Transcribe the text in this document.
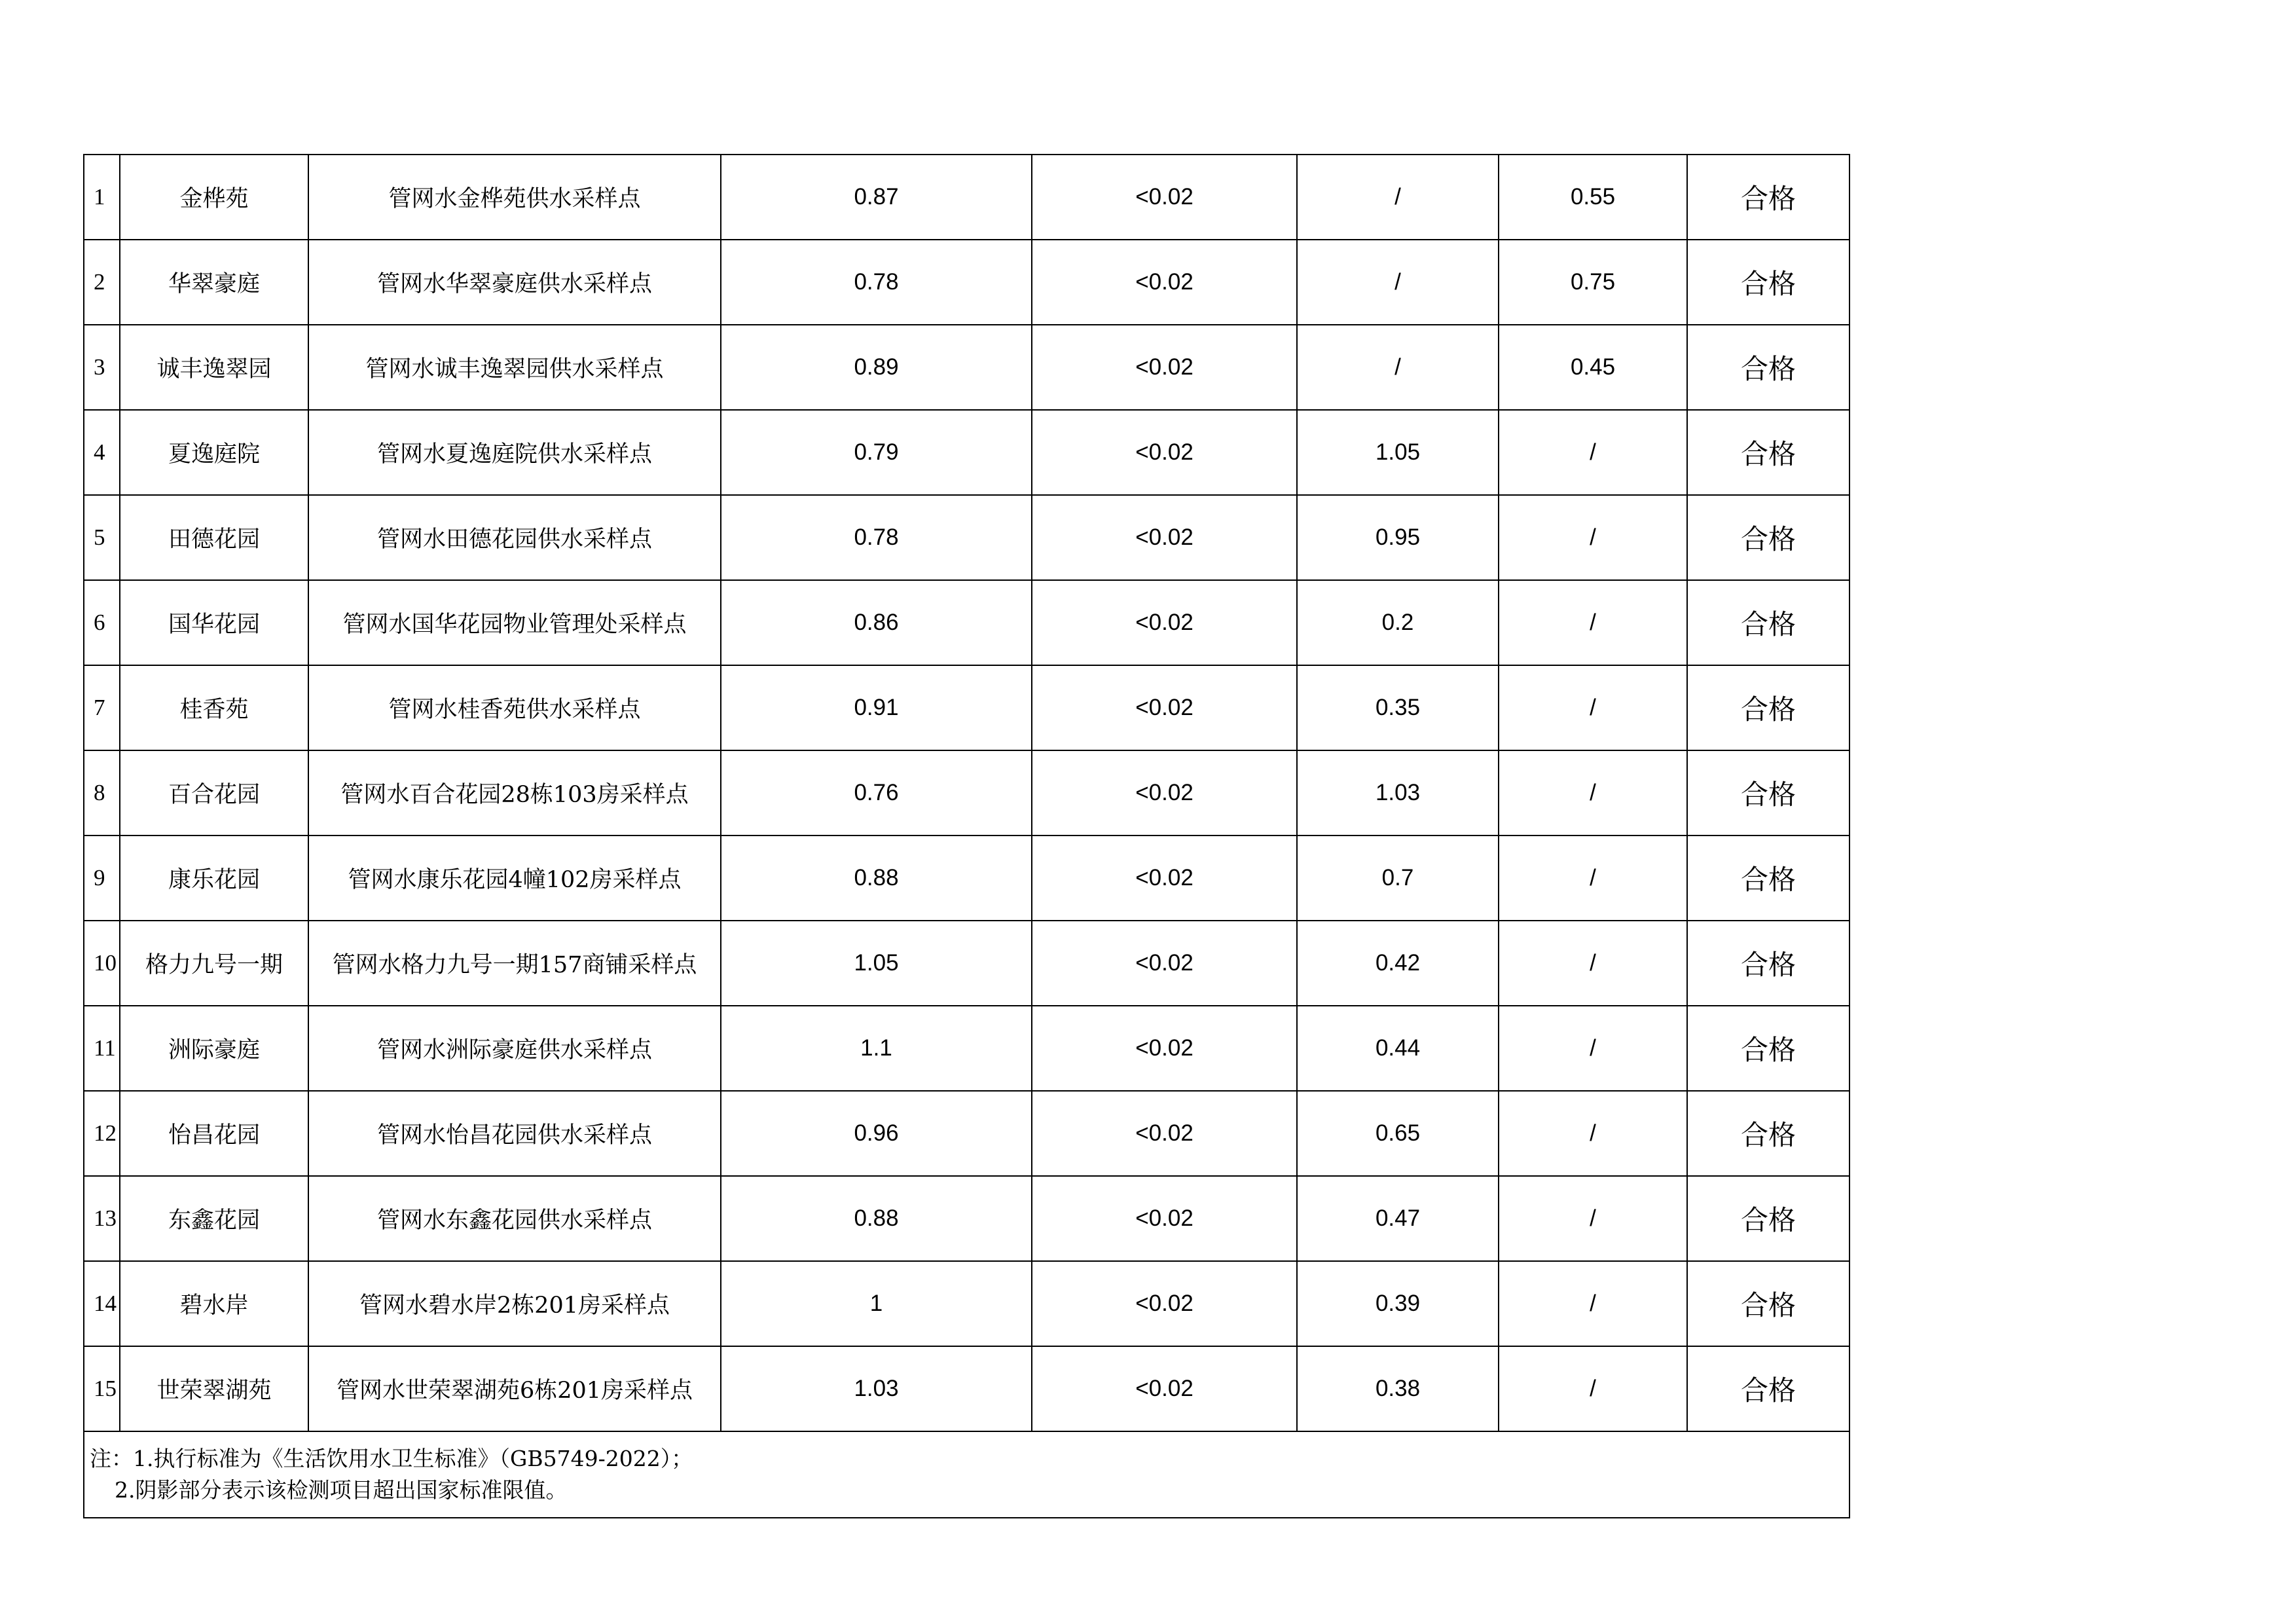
1	金桦苑	管网水金桦苑供水采样点	0.87	<0.02	/	0.55	合格
2	华翠豪庭	管网水华翠豪庭供水采样点	0.78	<0.02	/	0.75	合格
3	诚丰逸翠园	管网水诚丰逸翠园供水采样点	0.89	<0.02	/	0.45	合格
4	夏逸庭院	管网水夏逸庭院供水采样点	0.79	<0.02	1.05	/	合格
5	田德花园	管网水田德花园供水采样点	0.78	<0.02	0.95	/	合格
6	国华花园	管网水国华花园物业管理处采样点	0.86	<0.02	0.2	/	合格
7	桂香苑	管网水桂香苑供水采样点	0.91	<0.02	0.35	/	合格
8	百合花园	管网水百合花园28栋103房采样点	0.76	<0.02	1.03	/	合格
9	康乐花园	管网水康乐花园4幢102房采样点	0.88	<0.02	0.7	/	合格
10	格力九号一期	管网水格力九号一期157商铺采样点	1.05	<0.02	0.42	/	合格
11	洲际豪庭	管网水洲际豪庭供水采样点	1.1	<0.02	0.44	/	合格
12	怡昌花园	管网水怡昌花园供水采样点	0.96	<0.02	0.65	/	合格
13	东鑫花园	管网水东鑫花园供水采样点	0.88	<0.02	0.47	/	合格
14	碧水岸	管网水碧水岸2栋201房采样点	1	<0.02	0.39	/	合格
15	世荣翠湖苑	管网水世荣翠湖苑6栋201房采样点	1.03	<0.02	0.38	/	合格

注：1.执行标准为《生活饮用水卫生标准》（GB5749-2022）；
2.阴影部分表示该检测项目超出国家标准限值。							
